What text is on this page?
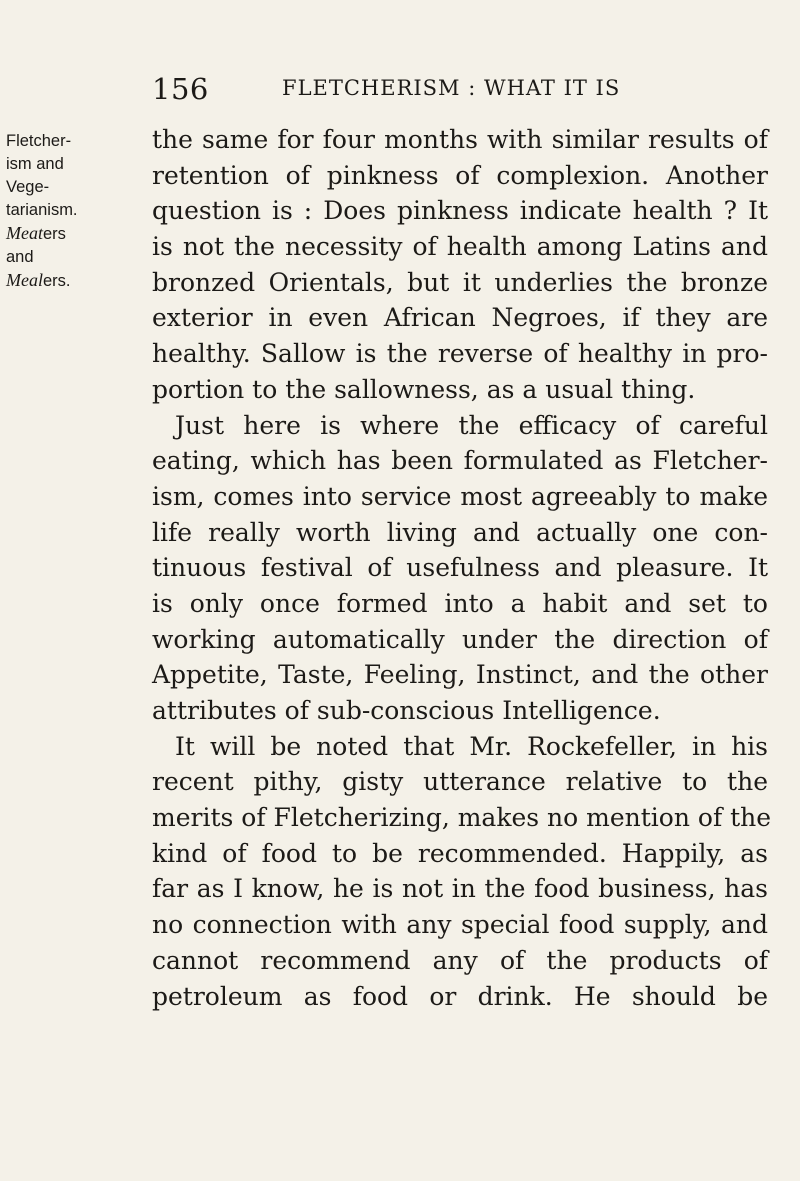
156	FLETCHERISM : WHAT IT IS
Fletcher-
ism and
Vege-
tarianism.
Meaters
and
Mealers.
the same for four months with similar results of
retention of pinkness of complexion. Another
question is : Does pinkness indicate health ? It
is not the necessity of health among Latins and
bronzed Orientals, but it underlies the bronze
exterior in even African Negroes, if they are
healthy. Sallow is the reverse of healthy in pro-
portion to the sallowness, as a usual thing.
Just here is where the efficacy of careful
eating, which has been formulated as Fletcher-
ism, comes into service most agreeably to make
life really worth living and actually one con-
tinuous festival of usefulness and pleasure. It
is only once formed into a habit and set to
working automatically under the direction of
Appetite, Taste, Feeling, Instinct, and the other
attributes of sub-conscious Intelligence.
It will be noted that Mr. Rockefeller, in his
recent pithy, gisty utterance relative to the
merits of Fletcherizing, makes no mention of the
kind of food to be recommended. Happily, as
far as I know, he is not in the food business, has
no connection with any special food supply, and
cannot recommend any of the products of
petroleum as food or drink. He should be
